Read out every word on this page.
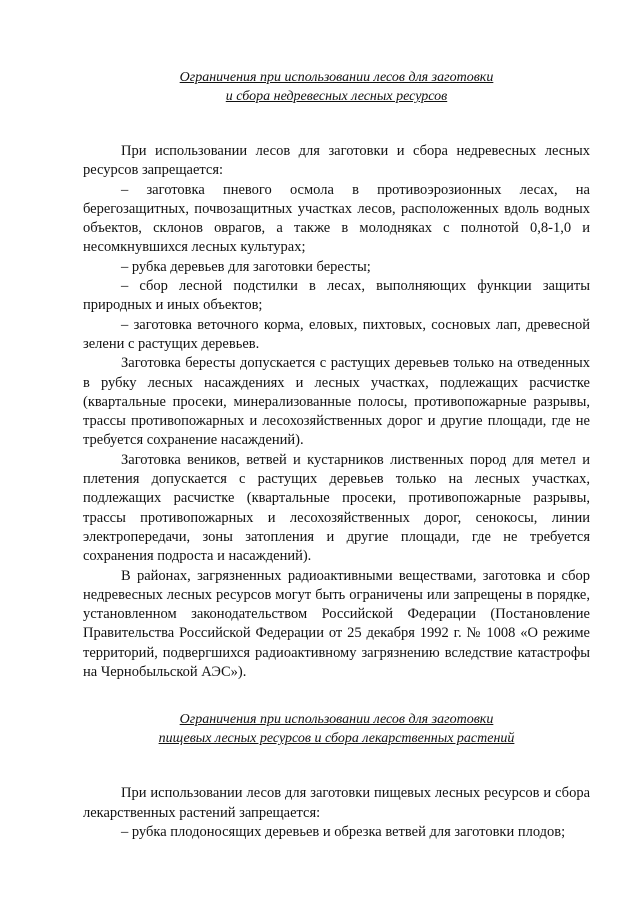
Ограничения при использовании лесов для заготовки
и сбора недревесных лесных ресурсов

При использовании лесов для заготовки и сбора недревесных лесных ресурсов запрещается:

– заготовка пневого осмола в противоэрозионных лесах, на берегозащитных, почвозащитных участках лесов, расположенных вдоль водных объектов, склонов оврагов, а также в молодняках с полнотой 0,8-1,0 и несомкнувшихся лесных культурах;

– рубка деревьев для заготовки бересты;

– сбор лесной подстилки в лесах, выполняющих функции защиты природных и иных объектов;

– заготовка веточного корма, еловых, пихтовых, сосновых лап, древесной зелени с растущих деревьев.

Заготовка бересты допускается с растущих деревьев только на отведенных в рубку лесных насаждениях и лесных участках, подлежащих расчистке (квартальные просеки, минерализованные полосы, противопожарные разрывы, трассы противопожарных и лесохозяйственных дорог и другие площади, где не требуется сохранение насаждений).

Заготовка веников, ветвей и кустарников лиственных пород для метел и плетения допускается с растущих деревьев только на лесных участках, подлежащих расчистке (квартальные просеки, противопожарные разрывы, трассы противопожарных и лесохозяйственных дорог, сенокосы, линии электропередачи, зоны затопления и другие площади, где не требуется сохранения подроста и насаждений).

В районах, загрязненных радиоактивными веществами, заготовка и сбор недревесных лесных ресурсов могут быть ограничены или запрещены в порядке, установленном законодательством Российской Федерации (Постановление Правительства Российской Федерации от 25 декабря 1992 г. № 1008 «О режиме территорий, подвергшихся радиоактивному загрязнению вследствие катастрофы на Чернобыльской АЭС»).

Ограничения при использовании лесов для заготовки
пищевых лесных ресурсов и сбора лекарственных растений

При использовании лесов для заготовки пищевых лесных ресурсов и сбора лекарственных растений запрещается:

– рубка плодоносящих деревьев и обрезка ветвей для заготовки плодов;
